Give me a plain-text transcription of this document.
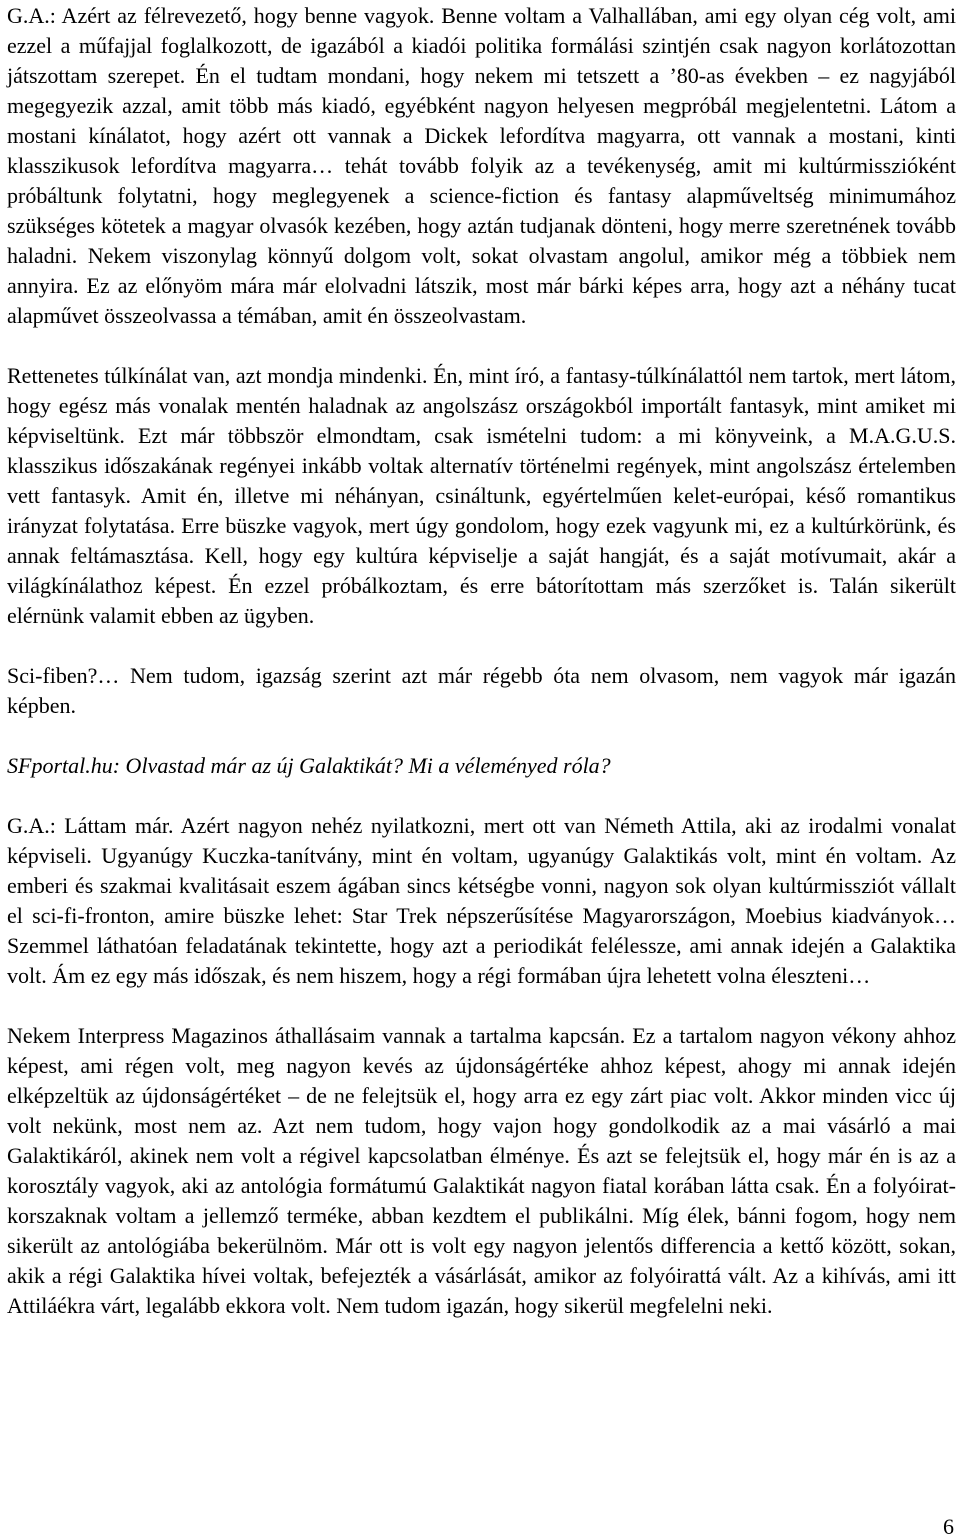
G.A.: Azért az félrevezető, hogy benne vagyok. Benne voltam a Valhallában, ami egy olyan cég volt, ami ezzel a műfajjal foglalkozott, de igazából a kiadói politika formálási szintjén csak nagyon korlátozottan játszottam szerepet. Én el tudtam mondani, hogy nekem mi tetszett a ’80-as években – ez nagyjából megegyezik azzal, amit több más kiadó, egyébként nagyon helyesen megpróbál megjelentetni. Látom a mostani kínálatot, hogy azért ott vannak a Dickek lefordítva magyarra, ott vannak a mostani, kinti klasszikusok lefordítva magyarra… tehát tovább folyik az a tevékenység, amit mi kultúrmisszióként próbáltunk folytatni, hogy meglegyenek a science-fiction és fantasy alapműveltség minimumához szükséges kötetek a magyar olvasók kezében, hogy aztán tudjanak dönteni, hogy merre szeretnének tovább haladni. Nekem viszonylag könnyű dolgom volt, sokat olvastam angolul, amikor még a többiek nem annyira. Ez az előnyöm mára már elolvadni látszik, most már bárki képes arra, hogy azt a néhány tucat alapművet összeolvassa a témában, amit én összeolvastam.

Rettenetes túlkínálat van, azt mondja mindenki. Én, mint író, a fantasy-túlkínálattól nem tartok, mert látom, hogy egész más vonalak mentén haladnak az angolszász országokból importált fantasyk, mint amiket mi képviseltünk. Ezt már többször elmondtam, csak ismételni tudom: a mi könyveink, a M.A.G.U.S. klasszikus időszakának regényei inkább voltak alternatív történelmi regények, mint angolszász értelemben vett fantasyk. Amit én, illetve mi néhányan, csináltunk, egyértelműen kelet-európai, késő romantikus irányzat folytatása. Erre büszke vagyok, mert úgy gondolom, hogy ezek vagyunk mi, ez a kultúrkörünk, és annak feltámasztása. Kell, hogy egy kultúra képviselje a saját hangját, és a saját motívumait, akár a világkínálathoz képest. Én ezzel próbálkoztam, és erre bátorítottam más szerzőket is. Talán sikerült elérnünk valamit ebben az ügyben.

Sci-fiben?… Nem tudom, igazság szerint azt már régebb óta nem olvasom, nem vagyok már igazán képben.

SFportal.hu: Olvastad már az új Galaktikát? Mi a véleményed róla?

G.A.: Láttam már. Azért nagyon nehéz nyilatkozni, mert ott van Németh Attila, aki az irodalmi vonalat képviseli. Ugyanúgy Kuczka-tanítvány, mint én voltam, ugyanúgy Galaktikás volt, mint én voltam. Az emberi és szakmai kvalitásait eszem ágában sincs kétségbe vonni, nagyon sok olyan kultúrmissziót vállalt el sci-fi-fronton, amire büszke lehet: Star Trek népszerűsítése Magyarországon, Moebius kiadványok… Szemmel láthatóan feladatának tekintette, hogy azt a periodikát felélessze, ami annak idején a Galaktika volt. Ám ez egy más időszak, és nem hiszem, hogy a régi formában újra lehetett volna éleszteni…

Nekem Interpress Magazinos áthallásaim vannak a tartalma kapcsán. Ez a tartalom nagyon vékony ahhoz képest, ami régen volt, meg nagyon kevés az újdonságértéke ahhoz képest, ahogy mi annak idején elképzeltük az újdonságértéket – de ne felejtsük el, hogy arra ez egy zárt piac volt. Akkor minden vicc új volt nekünk, most nem az. Azt nem tudom, hogy vajon hogy gondolkodik az a mai vásárló a mai Galaktikáról, akinek nem volt a régivel kapcsolatban élménye. És azt se felejtsük el, hogy már én is az a korosztály vagyok, aki az antológia formátumú Galaktikát nagyon fiatal korában látta csak. Én a folyóirat-korszaknak voltam a jellemző terméke, abban kezdtem el publikálni. Míg élek, bánni fogom, hogy nem sikerült az antológiába bekerülnöm. Már ott is volt egy nagyon jelentős differencia a kettő között, sokan, akik a régi Galaktika hívei voltak, befejezték a vásárlását, amikor az folyóirattá vált. Az a kihívás, ami itt Attiláékra várt, legalább ekkora volt. Nem tudom igazán, hogy sikerül megfelelni neki.

6
